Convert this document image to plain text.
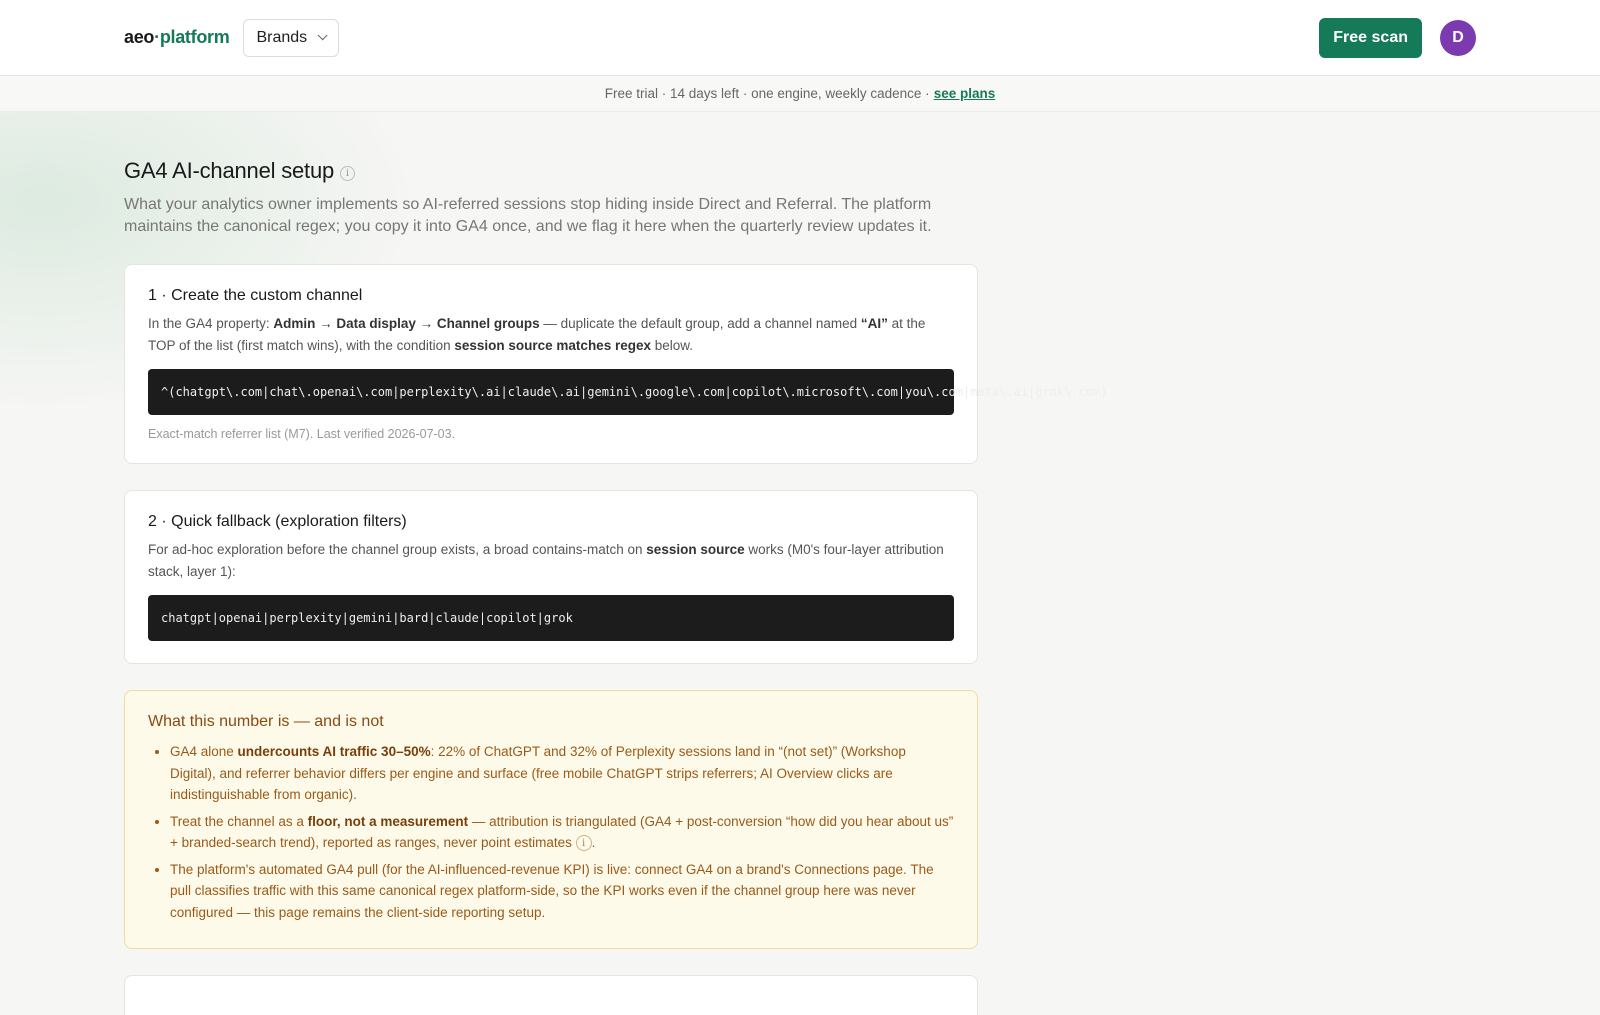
aeo·platform Brands	Free scan	D
Free trial · 14 days left · one engine, weekly cadence · see plans
GA4 AI-channel setup	i

What your analytics owner implements so AI-referred sessions stop hiding inside Direct and Referral. The platform maintains the canonical regex; you copy it into GA4 once, and we flag it here when the quarterly review updates it.

1 · Create the custom channel

In the GA4 property: Admin → Data display → Channel groups — duplicate the default group, add a channel named “AI” at the TOP of the list (first match wins), with the condition session source matches regex below.

^(chatgpt\.com|chat\.openai\.com|perplexity\.ai|claude\.ai|gemini\.google\.com|copilot\.microsoft\.com|you\.com|meta\.ai|grok\.com)
Exact-match referrer list (M7). Last verified 2026-07-03.
2 · Quick fallback (exploration filters)

For ad-hoc exploration before the channel group exists, a broad contains-match on session source works (M0's four-layer attribution stack, layer 1):

chatgpt|openai|perplexity|gemini|bard|claude|copilot|grok
What this number is — and is not
• GA4 alone undercounts AI traffic 30–50%: 22% of ChatGPT and 32% of Perplexity sessions land in “(not set)” (Workshop Digital), and referrer behavior differs per engine and surface (free mobile ChatGPT strips referrers; AI Overview clicks are indistinguishable from organic).
• Treat the channel as a floor, not a measurement — attribution is triangulated (GA4 + post-conversion “how did you hear about us” + branded-search trend), reported as ranges, never point estimates i .
• The platform's automated GA4 pull (for the AI-influenced-revenue KPI) is live: connect GA4 on a brand's Connections page. The pull classifies traffic with this same canonical regex platform-side, so the KPI works even if the channel group here was never configured — this page remains the client-side reporting setup.
